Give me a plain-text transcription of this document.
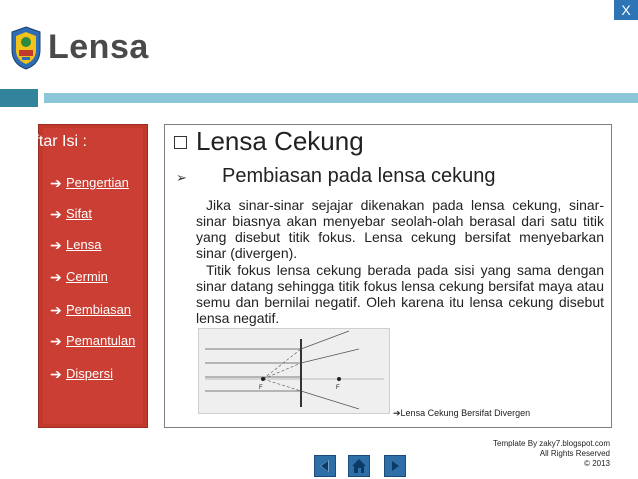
X
Lensa
Daftar Isi :
➔ Pengertian
➔ Sifat
➔ Lensa
➔ Cermin
➔ Pembiasan
➔ Pemantulan
➔ Dispersi
Lensa Cekung
➢ Pembiasan pada lensa cekung
Jika sinar-sinar sejajar dikenakan pada lensa cekung, sinar-sinar biasnya akan menyebar seolah-olah berasal dari satu titik yang disebut titik fokus. Lensa cekung bersifat menyebarkan sinar (divergen).
Titik fokus lensa cekung berada pada sisi yang sama dengan sinar datang sehingga titik fokus lensa cekung bersifat maya atau semu dan bernilai negatif. Oleh karena itu lensa cekung disebut lensa negatif.
F	F
➔Lensa Cekung Bersifat Divergen
Template By zaky7.blogspot.com
All Rights Reserved
© 2013
